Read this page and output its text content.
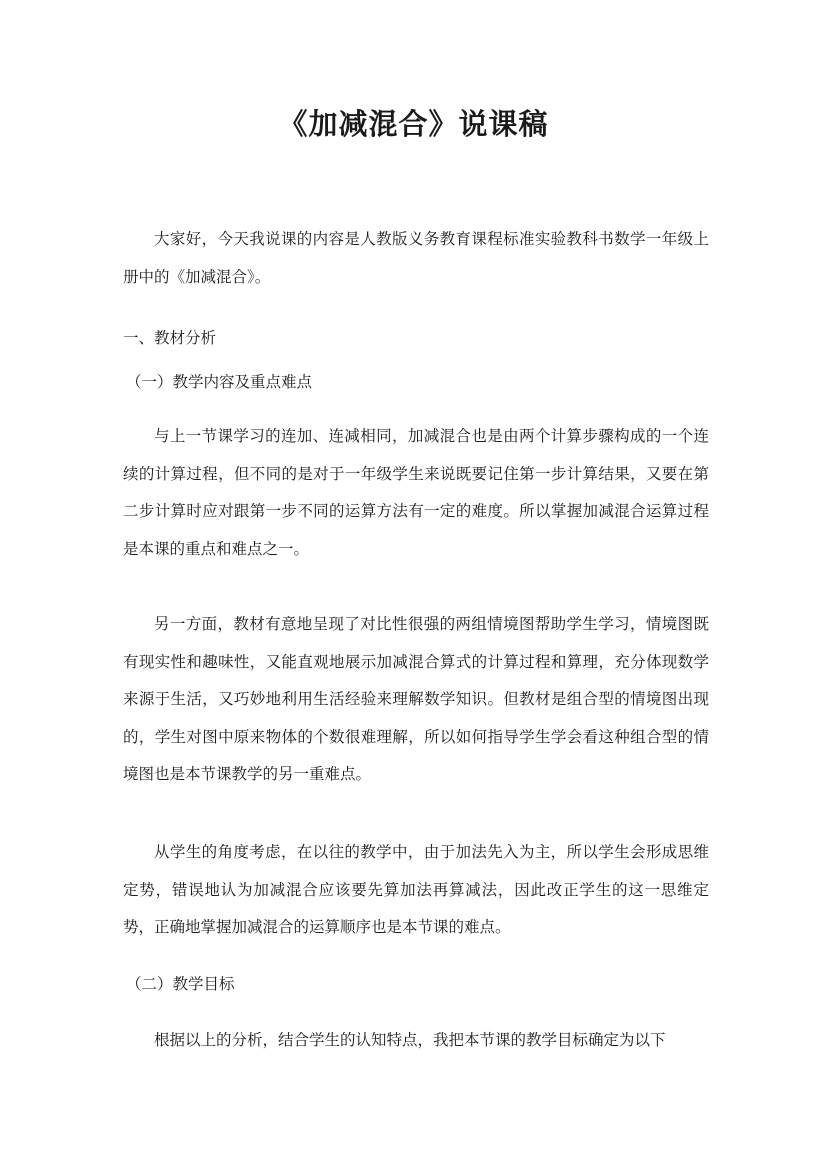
《加减混合》说课稿

大家好，今天我说课的内容是人教版义务教育课程标准实验教科书数学一年级上册中的《加减混合》。

一、教材分析

（一）教学内容及重点难点

与上一节课学习的连加、连减相同，加减混合也是由两个计算步骤构成的一个连续的计算过程，但不同的是对于一年级学生来说既要记住第一步计算结果，又要在第二步计算时应对跟第一步不同的运算方法有一定的难度。所以掌握加减混合运算过程是本课的重点和难点之一。

另一方面，教材有意地呈现了对比性很强的两组情境图帮助学生学习，情境图既有现实性和趣味性，又能直观地展示加减混合算式的计算过程和算理，充分体现数学来源于生活，又巧妙地利用生活经验来理解数学知识。但教材是组合型的情境图出现的，学生对图中原来物体的个数很难理解，所以如何指导学生学会看这种组合型的情境图也是本节课教学的另一重难点。

从学生的角度考虑，在以往的教学中，由于加法先入为主，所以学生会形成思维定势，错误地认为加减混合应该要先算加法再算减法，因此改正学生的这一思维定势，正确地掌握加减混合的运算顺序也是本节课的难点。

（二）教学目标

根据以上的分析，结合学生的认知特点，我把本节课的教学目标确定为以下
